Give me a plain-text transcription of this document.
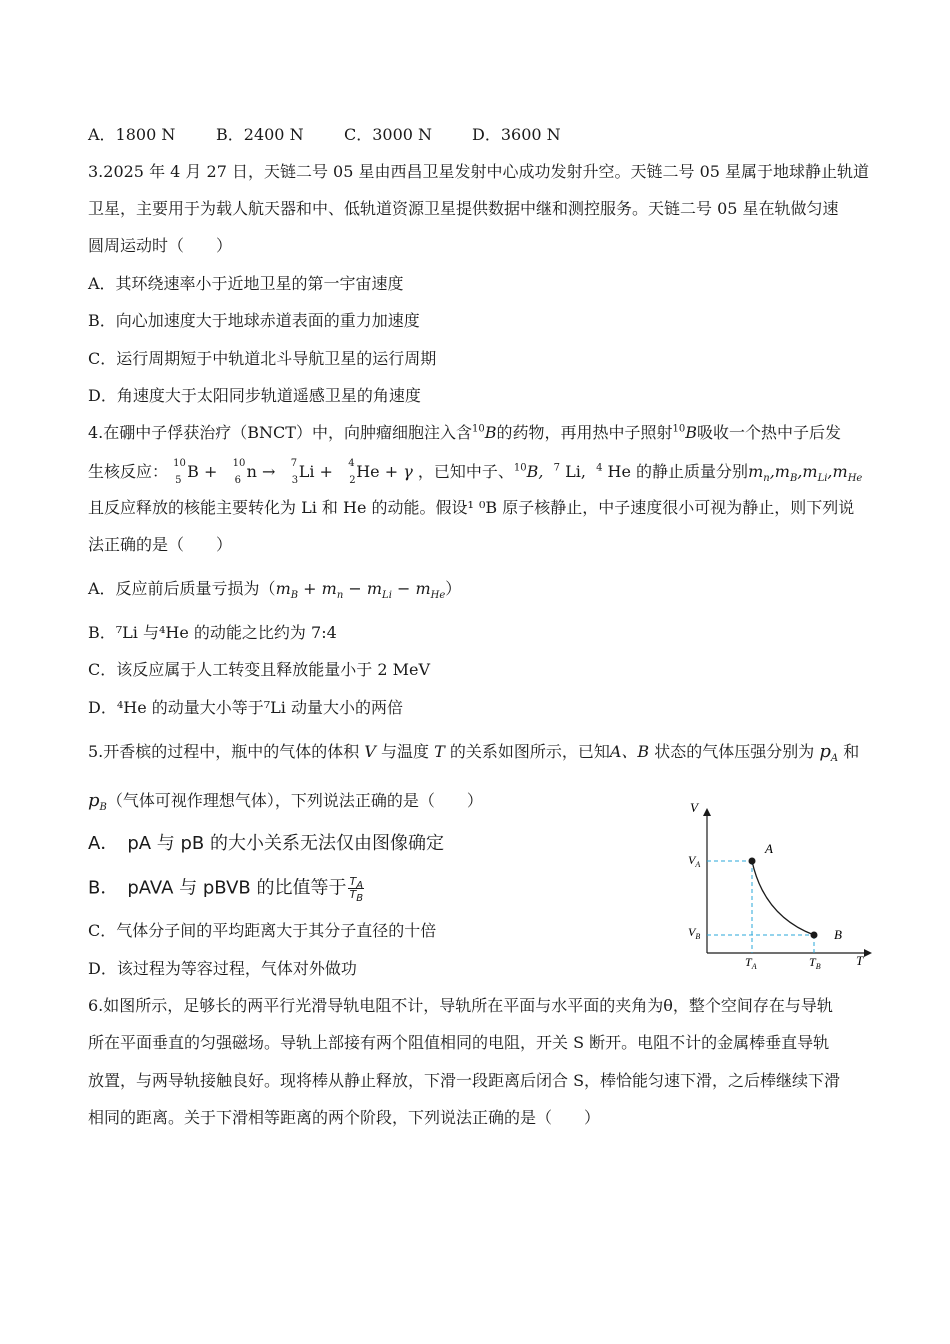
A．1800 N	B．2400 N	C．3000 N D．3600 N
3.2025 年 4 月 27 日，天链二号 05 星由西昌卫星发射中心成功发射升空。天链二号 05 星属于地球静止轨道
卫星，主要用于为载人航天器和中、低轨道资源卫星提供数据中继和测控服务。天链二号 05 星在轨做匀速
圆周运动时（　　）
A．其环绕速率小于近地卫星的第一宇宙速度
B．向心加速度大于地球赤道表面的重力加速度
C．运行周期短于中轨道北斗导航卫星的运行周期
D．角速度大于太阳同步轨道遥感卫星的角速度
4.在硼中子俘获治疗（BNCT）中，向肿瘤细胞注入含$^{10}$B的药物，再用热中子照射$^{10}$B吸收一个热中子后发
生核反应： 10
5 B + 10
6 n → 7
3 Li + 4
2 He + γ ，已知中子、$^{10}$B, $^7$ Li,  $^4$ He 的静止质量分别$m_n,m_B,m_{Li},m_{He}$
且反应释放的核能主要转化为 Li 和 He 的动能。假设¹ ⁰B 原子核静止，中子速度很小可视为静止，则下列说
法正确的是（　　）
A．反应前后质量亏损为$(m_B + m_n - m_{Li} - m_{He})$
B．⁷Li 与⁴He 的动能之比约为 7:4
C．该反应属于人工转变且释放能量小于 2 MeV
D．⁴He 的动量大小等于⁷Li 动量大小的两倍
5.开香槟的过程中，瓶中的气体的体积 V 与温度 T 的关系如图所示，已知A、B 状态的气体压强分别为 $p_A$ 和
$p_B$（气体可视作理想气体），下列说法正确的是（　　）
A．　pA 与 pB 的大小关系无法仅由图像确定
B．　pAVA 与 pBVB 的比值等于 $\frac{T_A}{T_B}$
C．气体分子间的平均距离大于其分子直径的十倍
D．该过程为等容过程，气体对外做功
V
T
$V_A$
$V_B$
$T_A$	$T_B$
A
B
6.如图所示，足够长的两平行光滑导轨电阻不计，导轨所在平面与水平面的夹角为θ，整个空间存在与导轨
所在平面垂直的匀强磁场。导轨上部接有两个阻值相同的电阻，开关 S 断开。电阻不计的金属棒垂直导轨
放置，与两导轨接触良好。现将棒从静止释放，下滑一段距离后闭合 S，棒恰能匀速下滑，之后棒继续下滑
相同的距离。关于下滑相等距离的两个阶段，下列说法正确的是（　　）
